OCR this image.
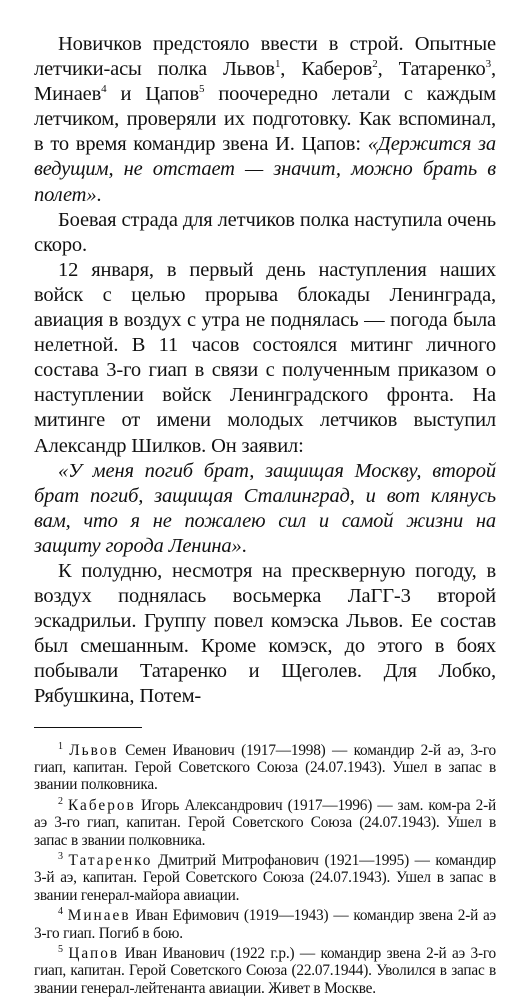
Новичков предстояло ввести в строй. Опытные летчики-асы полка Львов$^1$, Каберов$^2$, Татаренко$^3$, Минаев$^4$ и Цапов$^5$ поочередно летали с каждым летчиком, проверяли их подготовку. Как вспоминал, в то время командир звена И. Цапов: «Держится за ведущим, не отстает — значит, можно брать в полет».

Боевая страда для летчиков полка наступила очень скоро.

12 января, в первый день наступления наших войск с целью прорыва блокады Ленинграда, авиация в воздух с утра не поднялась — погода была нелетной. В 11 часов состоялся митинг личного состава 3-го гиап в связи с полученным приказом о наступлении войск Ленинградского фронта. На митинге от имени молодых летчиков выступил Александр Шилков. Он заявил:

«У меня погиб брат, защищая Москву, второй брат погиб, защищая Сталинград, и вот клянусь вам, что я не пожалею сил и самой жизни на защиту города Ленина».

К полудню, несмотря на прескверную погоду, в воздух поднялась восьмерка ЛаГГ-3 второй эскадрильи. Группу повел комэска Львов. Ее состав был смешанным. Кроме комэск, до этого в боях побывали Татаренко и Щеголев. Для Лобко, Рябушкина, Потем-

$^1$ Львов Семен Иванович (1917—1998) — командир 2-й аэ, 3-го гиап, капитан. Герой Советского Союза (24.07.1943). Ушел в запас в звании полковника.

$^2$ Каберов Игорь Александрович (1917—1996) — зам. ком-ра 2-й аэ 3-го гиап, капитан. Герой Советского Союза (24.07.1943). Ушел в запас в звании полковника.

$^3$ Татаренко Дмитрий Митрофанович (1921—1995) — командир 3-й аэ, капитан. Герой Советского Союза (24.07.1943). Ушел в запас в звании генерал-майора авиации.

$^4$ Минаев Иван Ефимович (1919—1943) — командир звена 2-й аэ 3-го гиап. Погиб в бою.

$^5$ Цапов Иван Иванович (1922 г.р.) — командир звена 2-й аэ 3-го гиап, капитан. Герой Советского Союза (22.07.1944). Уволился в запас в звании генерал-лейтенанта авиации. Живет в Москве.
